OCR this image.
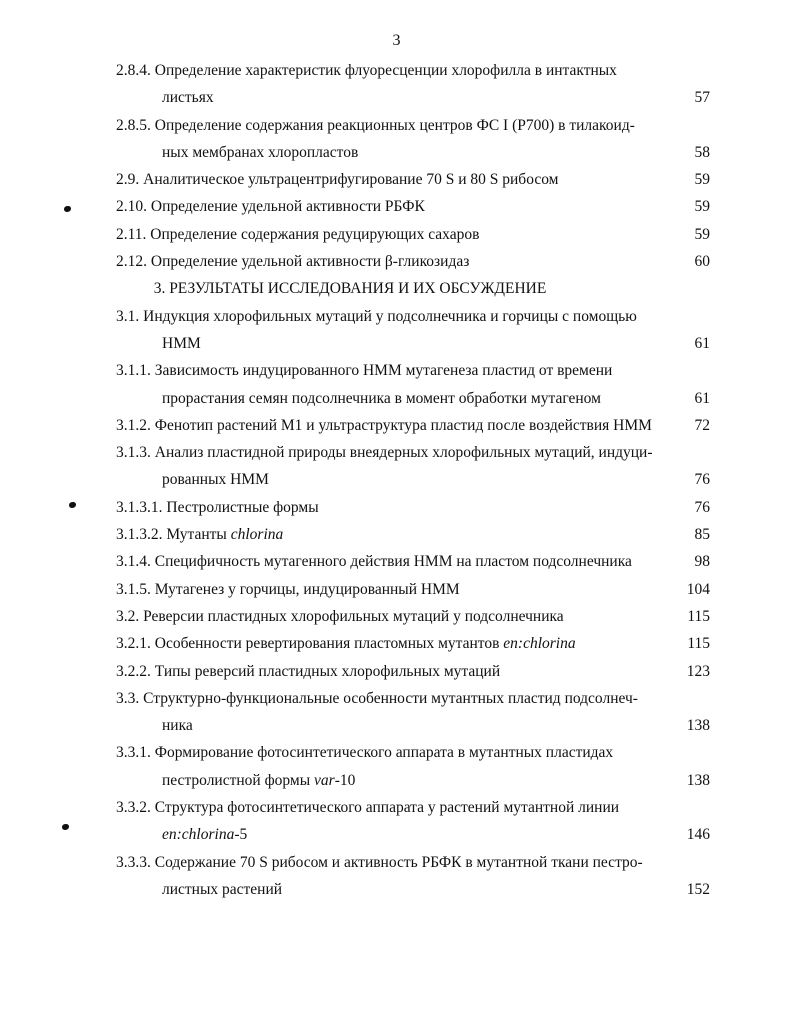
3
2.8.4. Определение характеристик флуоресценции хлорофилла в интактных
листьях	57
2.8.5. Определение содержания реакционных центров ФС I (Р700) в тилакоид-
ных мембранах хлоропластов	58
2.9. Аналитическое ультрацентрифугирование 70 S и 80 S рибосом	59
2.10. Определение удельной активности РБФК	59
2.11. Определение содержания редуцирующих сахаров	59
2.12. Определение удельной активности β-гликозидаз	60
3. РЕЗУЛЬТАТЫ ИССЛЕДОВАНИЯ И ИХ ОБСУЖДЕНИЕ
3.1. Индукция хлорофильных мутаций у подсолнечника и горчицы с помощью
НММ	61
3.1.1. Зависимость индуцированного НММ мутагенеза пластид от времени
прорастания семян подсолнечника в момент обработки мутагеном	61
3.1.2. Фенотип растений M1 и ультраструктура пластид после воздействия НММ	72
3.1.3. Анализ пластидной природы внеядерных хлорофильных мутаций, индуци-
рованных НММ	76
3.1.3.1. Пестролистные формы	76
3.1.3.2. Мутанты chlorina	85
3.1.4. Специфичность мутагенного действия НММ на пластом подсолнечника	98
3.1.5. Мутагенез у горчицы, индуцированный НММ	104
3.2. Реверсии пластидных хлорофильных мутаций у подсолнечника	115
3.2.1. Особенности ревертирования пластомных мутантов en:chlorina	115
3.2.2. Типы реверсий пластидных хлорофильных мутаций	123
3.3. Структурно-функциональные особенности мутантных пластид подсолнеч-
ника	138
3.3.1. Формирование фотосинтетического аппарата в мутантных пластидах
пестролистной формы var-10	138
3.3.2. Структура фотосинтетического аппарата у растений мутантной линии
en:chlorina-5	146
3.3.3. Содержание 70 S рибосом и активность РБФК в мутантной ткани пестро-
листных растений	152
